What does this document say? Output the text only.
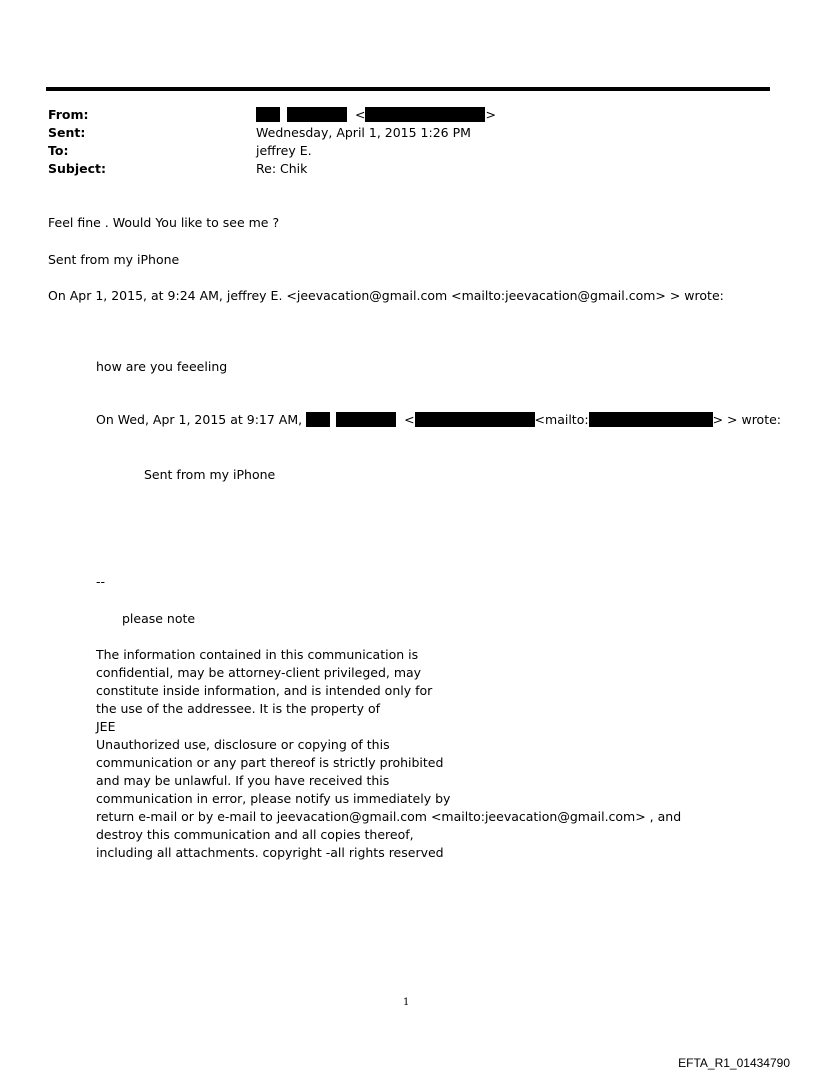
From:	<	>
Sent:	Wednesday, April 1, 2015 1:26 PM
To:	jeffrey E.
Subject:	Re: Chik
Feel fine . Would You like to see me ?
Sent from my iPhone
On Apr 1, 2015, at 9:24 AM, jeffrey E. <jeevacation@gmail.com <mailto:jeevacation@gmail.com> > wrote:
how are you feeeling
On Wed, Apr 1, 2015 at 9:17 AM,	<	<mailto:	> > wrote:
Sent from my iPhone
--
please note
The information contained in this communication is
confidential, may be attorney-client privileged, may
constitute inside information, and is intended only for
the use of the addressee. It is the property of
JEE
Unauthorized use, disclosure or copying of this
communication or any part thereof is strictly prohibited
and may be unlawful. If you have received this
communication in error, please notify us immediately by
return e-mail or by e-mail to jeevacation@gmail.com <mailto:jeevacation@gmail.com> , and
destroy this communication and all copies thereof,
including all attachments. copyright -all rights reserved
1
EFTA_R1_01434790
